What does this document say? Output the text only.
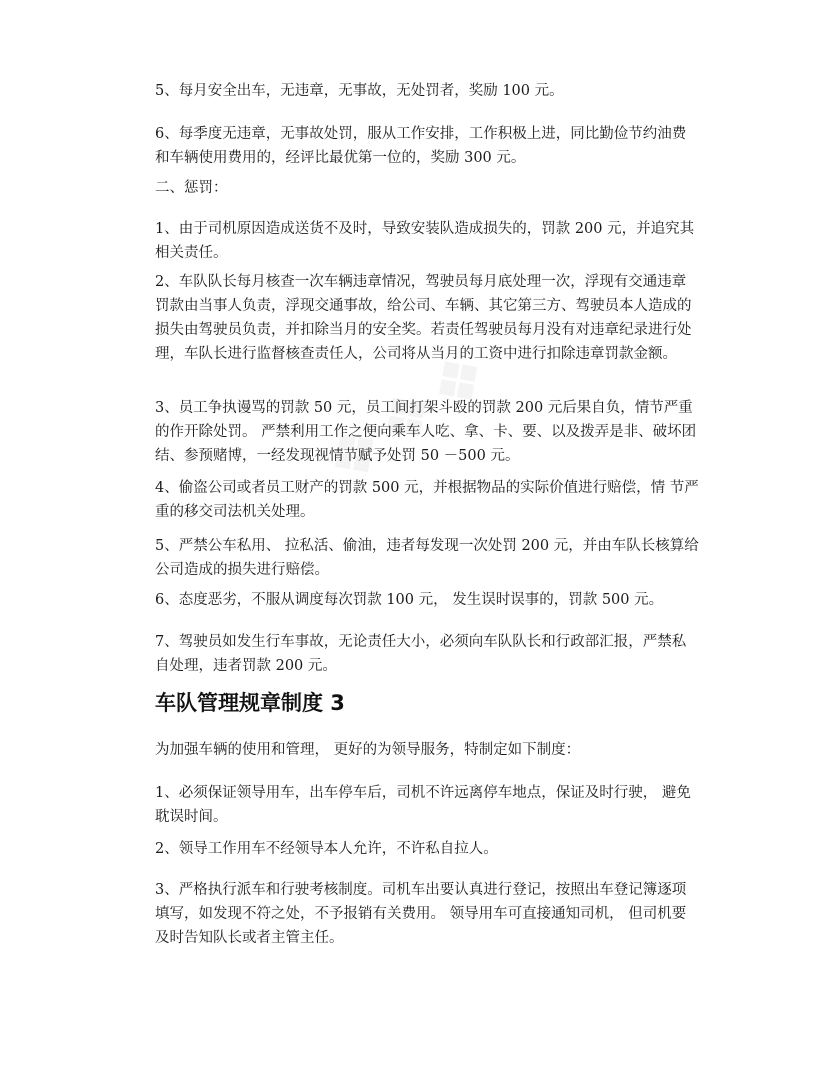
5、每月安全出车，无违章，无事故，无处罚者，奖励 100 元。

6、每季度无违章，无事故处罚，服从工作安排，工作积极上进，同比勤俭节约油费和车辆使用费用的，经评比最优第一位的，奖励 300 元。

二、惩罚：

1、由于司机原因造成送货不及时，导致安装队造成损失的，罚款 200 元，并追究其相关责任。

2、车队队长每月核查一次车辆违章情况，驾驶员每月底处理一次，浮现有交通违章罚款由当事人负责，浮现交通事故，给公司、车辆、其它第三方、驾驶员本人造成的损失由驾驶员负责，并扣除当月的安全奖。若责任驾驶员每月没有对违章纪录进行处理，车队长进行监督核查责任人，公司将从当月的工资中进行扣除违章罚款金额。

3、员工争执谩骂的罚款 50 元，员工间打架斗殴的罚款 200 元后果自负，情节严重的作开除处罚。 严禁利用工作之便向乘车人吃、拿、卡、要、以及拨弄是非、破坏团结、参预赌博，一经发现视情节赋予处罚 50 －500 元。

4、偷盗公司或者员工财产的罚款 500 元，并根据物品的实际价值进行赔偿，情 节严重的移交司法机关处理。

5、严禁公车私用、 拉私活、偷油，违者每发现一次处罚 200 元，并由车队长核算给公司造成的损失进行赔偿。

6、态度恶劣，不服从调度每次罚款 100 元， 发生误时误事的，罚款 500 元。

7、驾驶员如发生行车事故，无论责任大小，必须向车队队长和行政部汇报，严禁私自处理，违者罚款 200 元。

车队管理规章制度 3

为加强车辆的使用和管理， 更好的为领导服务，特制定如下制度：

1、必须保证领导用车，出车停车后，司机不许远离停车地点，保证及时行驶， 避免耽误时间。

2、领导工作用车不经领导本人允许，不许私自拉人。

3、严格执行派车和行驶考核制度。司机车出要认真进行登记，按照出车登记簿逐项填写，如发现不符之处，不予报销有关费用。 领导用车可直接通知司机， 但司机要及时告知队长或者主管主任。
